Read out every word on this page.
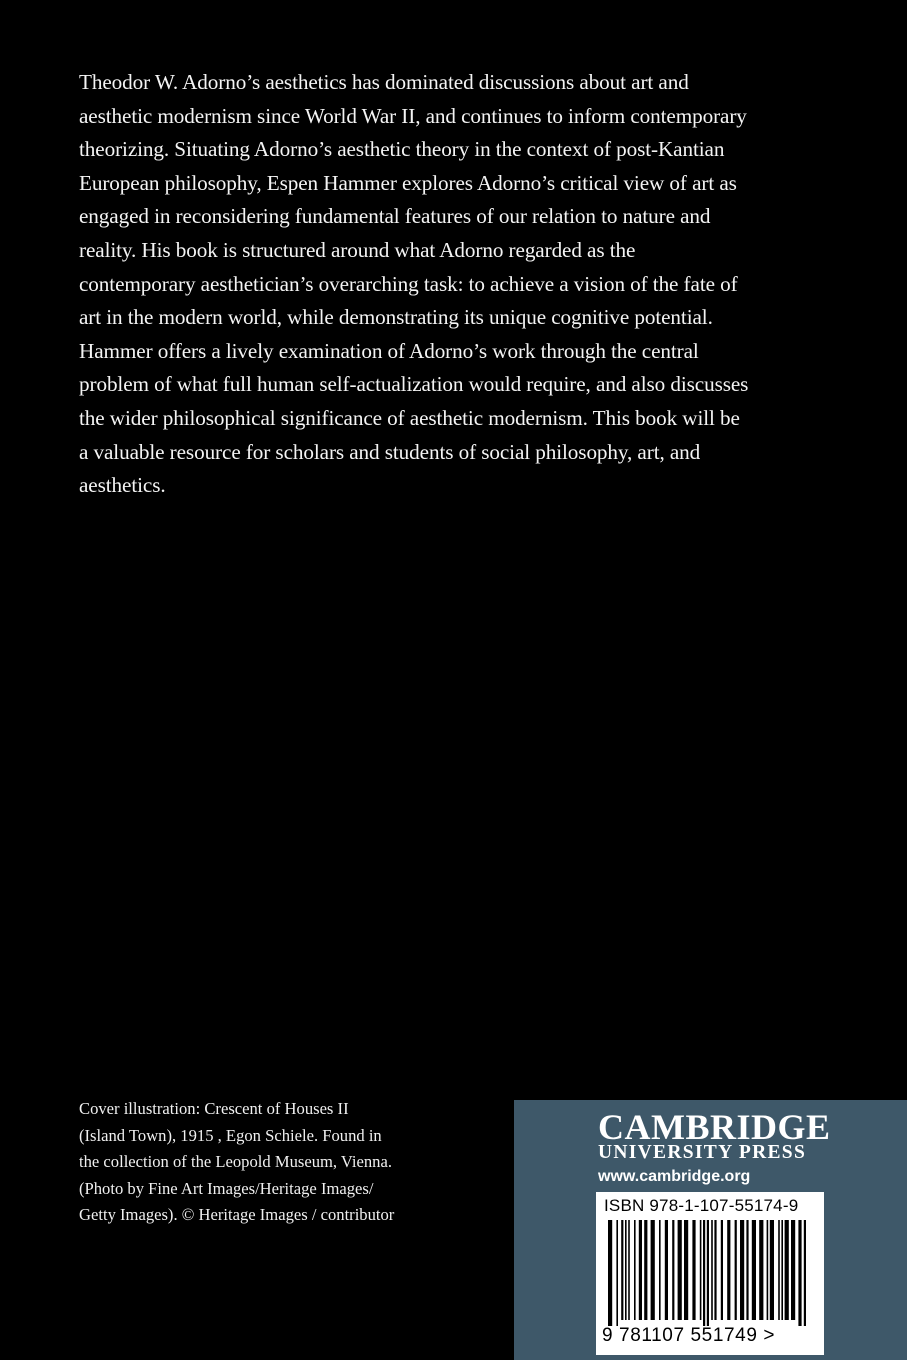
Theodor W. Adorno’s aesthetics has dominated discussions about art and aesthetic modernism since World War II, and continues to inform contemporary theorizing. Situating Adorno’s aesthetic theory in the context of post-Kantian European philosophy, Espen Hammer explores Adorno’s critical view of art as engaged in reconsidering fundamental features of our relation to nature and reality. His book is structured around what Adorno regarded as the contemporary aesthetician’s overarching task: to achieve a vision of the fate of art in the modern world, while demonstrating its unique cognitive potential. Hammer offers a lively examination of Adorno’s work through the central problem of what full human self-actualization would require, and also discusses the wider philosophical significance of aesthetic modernism. This book will be a valuable resource for scholars and students of social philosophy, art, and aesthetics.

Cover illustration: Crescent of Houses II
(Island Town), 1915 , Egon Schiele. Found in
the collection of the Leopold Museum, Vienna.
(Photo by Fine Art Images/Heritage Images/
Getty Images). © Heritage Images / contributor
CAMBRIDGE
UNIVERSITY PRESS
www.cambridge.org
ISBN 978-1-107-55174-9
9 781107 551749 >
